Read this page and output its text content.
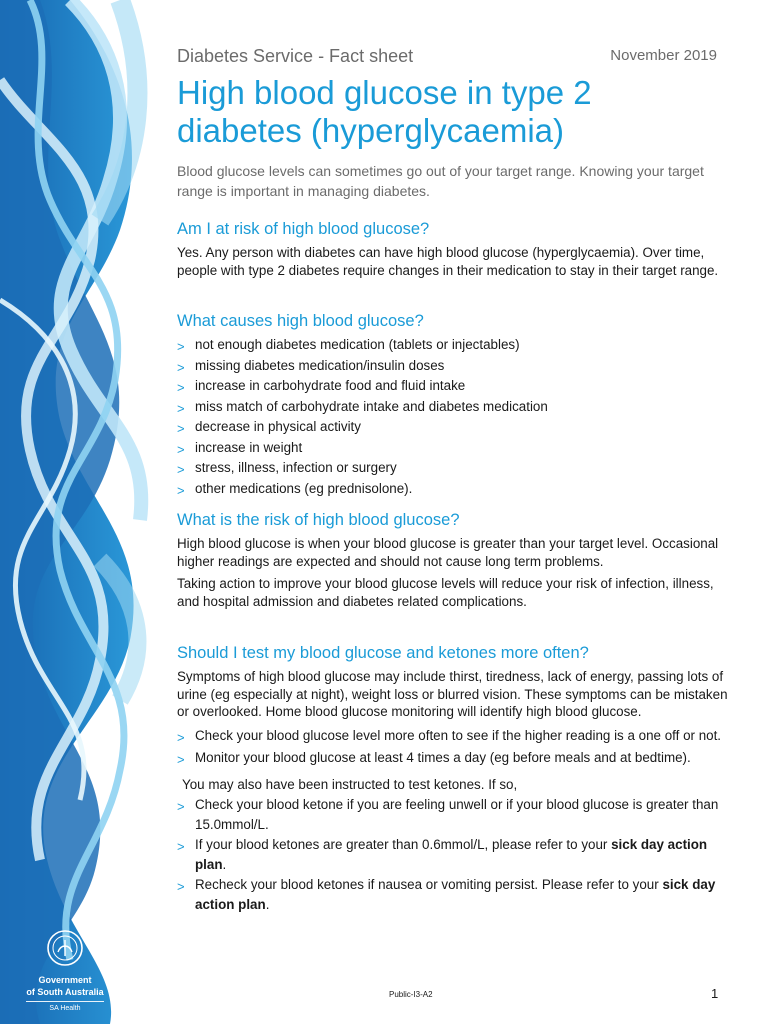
Government
of South Australia
SA Health
Diabetes Service - Fact sheet	November 2019
High blood glucose in type 2
diabetes (hyperglycaemia)

Blood glucose levels can sometimes go out of your target range. Knowing your target range is important in managing diabetes.

Am I at risk of high blood glucose?

Yes. Any person with diabetes can have high blood glucose (hyperglycaemia). Over time, people with type 2 diabetes require changes in their medication to stay in their target range.

What causes high blood glucose?
> not enough diabetes medication (tablets or injectables)
> missing diabetes medication/insulin doses
> increase in carbohydrate food and fluid intake
> miss match of carbohydrate intake and diabetes medication
> decrease in physical activity
> increase in weight
> stress, illness, infection or surgery
> other medications (eg prednisolone).
What is the risk of high blood glucose?

High blood glucose is when your blood glucose is greater than your target level. Occasional higher readings are expected and should not cause long term problems.

Taking action to improve your blood glucose levels will reduce your risk of infection, illness, and hospital admission and diabetes related complications.

Should I test my blood glucose and ketones more often?

Symptoms of high blood glucose may include thirst, tiredness, lack of energy, passing lots of urine (eg especially at night), weight loss or blurred vision. These symptoms can be mistaken or overlooked. Home blood glucose monitoring will identify high blood glucose.

> Check your blood glucose level more often to see if the higher reading is a one off or not.
> Monitor your blood glucose at least 4 times a day (eg before meals and at bedtime).

You may also have been instructed to test ketones. If so,

> Check your blood ketone if you are feeling unwell or if your blood glucose is greater than 15.0mmol/L.
> If your blood ketones are greater than 0.6mmol/L, please refer to your sick day action plan.
> Recheck your blood ketones if nausea or vomiting persist. Please refer to your sick day action plan.
Public-I3-A2	1
